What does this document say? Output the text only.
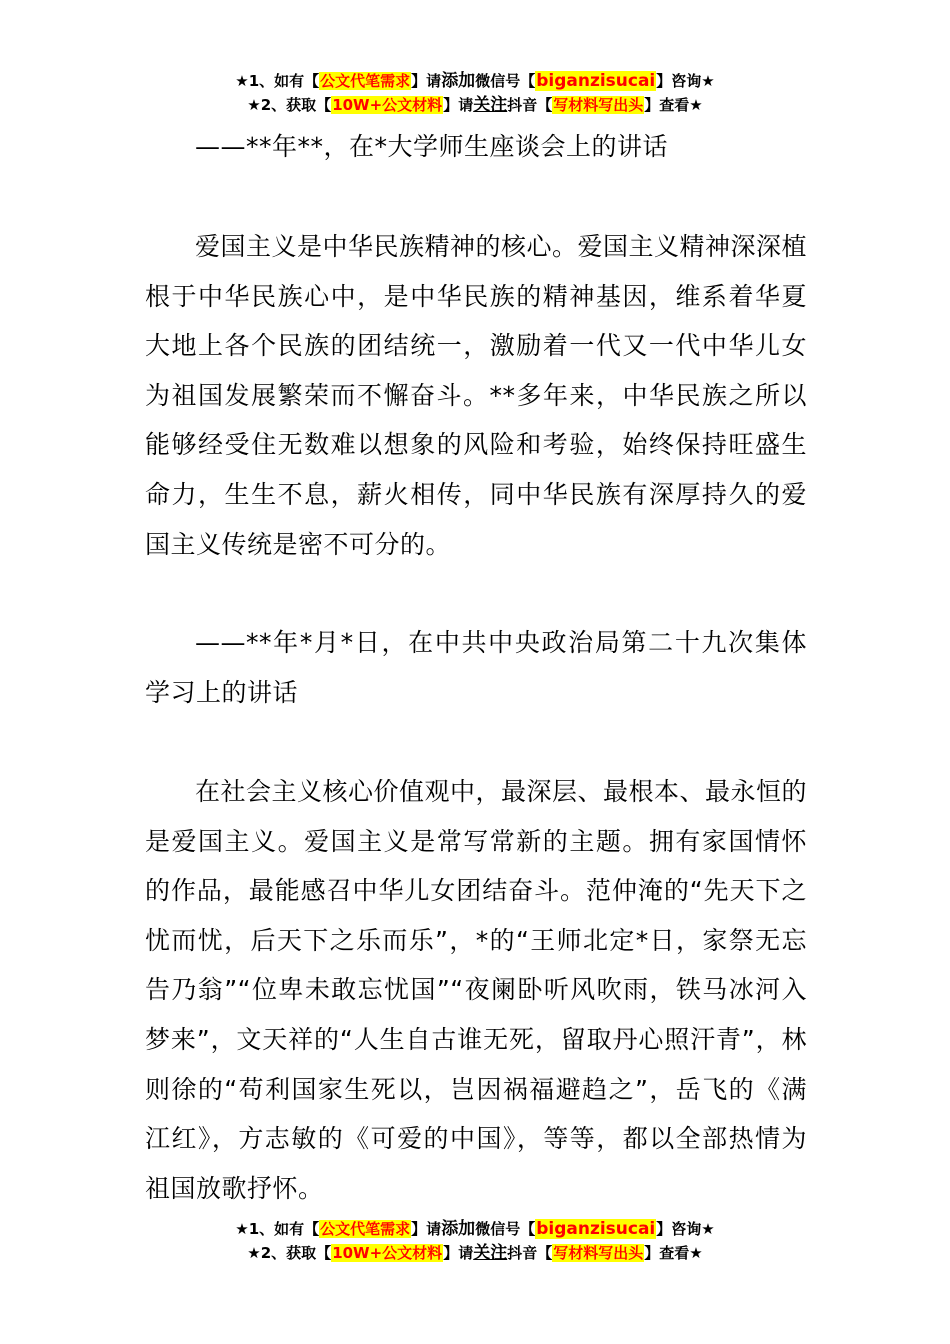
★1、如有【公文代笔需求】请添加微信号【biganzisucai】咨询★
★2、获取【10W+公文材料】请关注抖音【写材料写出头】查看★

——**年**，在*大学师生座谈会上的讲话

爱国主义是中华民族精神的核心。爱国主义精神深深植根于中华民族心中，是中华民族的精神基因，维系着华夏大地上各个民族的团结统一，激励着一代又一代中华儿女为祖国发展繁荣而不懈奋斗。**多年来，中华民族之所以能够经受住无数难以想象的风险和考验，始终保持旺盛生命力，生生不息，薪火相传，同中华民族有深厚持久的爱国主义传统是密不可分的。

——**年*月*日，在中共中央政治局第二十九次集体学习上的讲话

在社会主义核心价值观中，最深层、最根本、最永恒的是爱国主义。爱国主义是常写常新的主题。拥有家国情怀的作品，最能感召中华儿女团结奋斗。范仲淹的“先天下之忧而忧，后天下之乐而乐”，*的“王师北定*日，家祭无忘告乃翁”“位卑未敢忘忧国”“夜阑卧听风吹雨，铁马冰河入梦来”，文天祥的“人生自古谁无死，留取丹心照汗青”，林则徐的“苟利国家生死以，岂因祸福避趋之”，岳飞的《满江红》，方志敏的《可爱的中国》，等等，都以全部热情为祖国放歌抒怀。

★1、如有【公文代笔需求】请添加微信号【biganzisucai】咨询★
★2、获取【10W+公文材料】请关注抖音【写材料写出头】查看★
